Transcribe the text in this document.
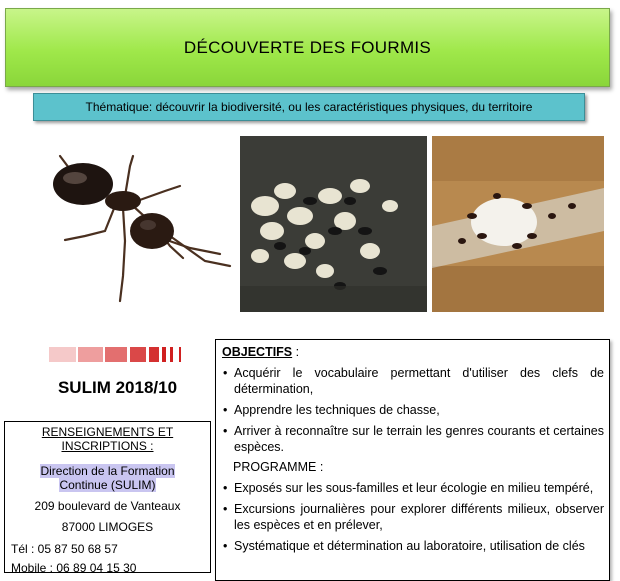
DÉCOUVERTE DES FOURMIS
Thématique: découvrir la biodiversité, ou les caractéristiques physiques, du territoire
SULIM 2018/10
RENSEIGNEMENTS ET
INSCRIPTIONS :
Direction de la Formation
Continue (SULIM)
209 boulevard de Vanteaux
87000 LIMOGES
Tél : 05 87 50 68 57
Mobile : 06 89 04 15 30
OBJECTIFS :
• Acquérir le vocabulaire permettant d'utiliser des clefs de détermination,
• Apprendre les techniques de chasse,
• Arriver à reconnaître sur le terrain les genres courants et certaines espèces.
PROGRAMME :
• Exposés sur les sous-familles et leur écologie en milieu tempéré,
• Excursions journalières pour explorer différents milieux, observer les espèces et en prélever,
• Systématique et détermination au laboratoire, utilisation de clés
